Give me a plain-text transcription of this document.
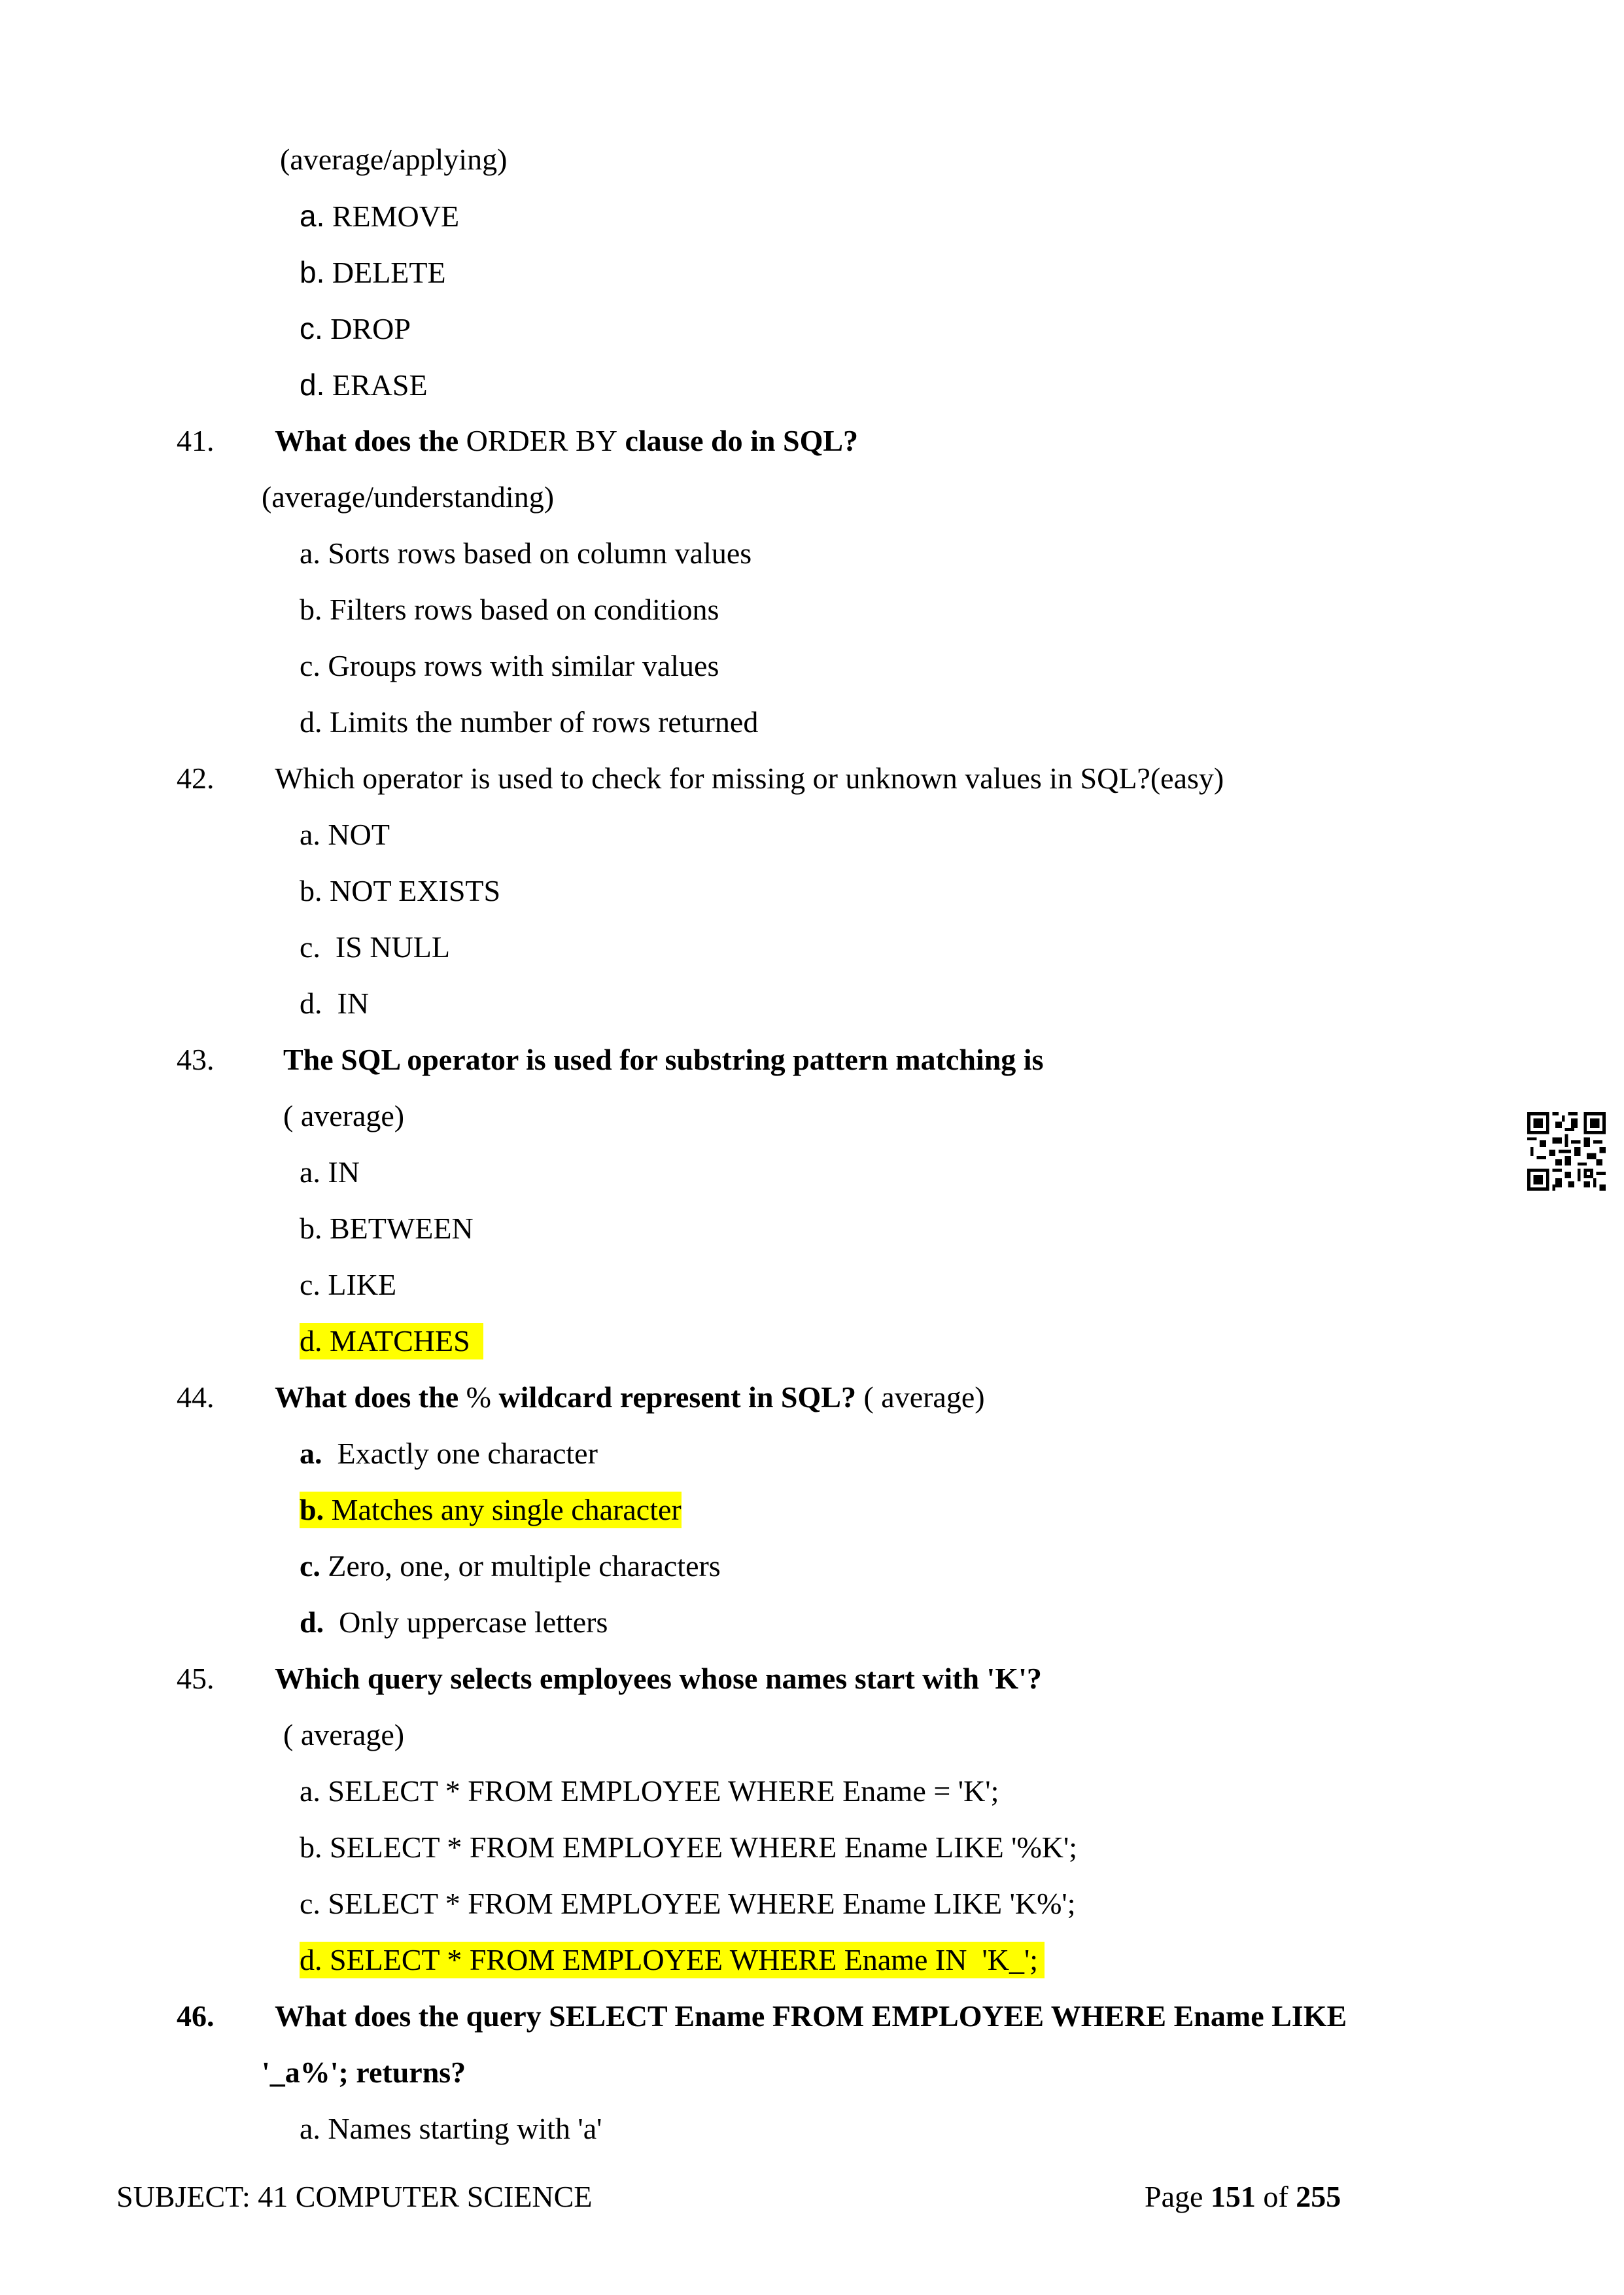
(average/applying)
a. REMOVE
b. DELETE
c. DROP
d. ERASE
41.	What does the ORDER BY clause do in SQL?
(average/understanding)
a. Sorts rows based on column values
b. Filters rows based on conditions
c. Groups rows with similar values
d. Limits the number of rows returned
42.	Which operator is used to check for missing or unknown values in SQL?(easy)
a. NOT
b. NOT EXISTS
c.  IS NULL
d.  IN
43. The SQL operator is used for substring pattern matching is
( average)
a. IN
b. BETWEEN
c. LIKE
d. MATCHES
44. What does the % wildcard represent in SQL? ( average)
a.  Exactly one character
b. Matches any single character
c. Zero, one, or multiple characters
d.  Only uppercase letters
45. Which query selects employees whose names start with 'K'?
( average)
a. SELECT * FROM EMPLOYEE WHERE Ename = 'K';
b. SELECT * FROM EMPLOYEE WHERE Ename LIKE '%K';
c. SELECT * FROM EMPLOYEE WHERE Ename LIKE 'K%';
d. SELECT * FROM EMPLOYEE WHERE Ename IN  'K_';
46. What does the query SELECT Ename FROM EMPLOYEE WHERE Ename LIKE
'_a%'; returns?
a. Names starting with 'a'
SUBJECT: 41 COMPUTER SCIENCE	Page 151 of 255
